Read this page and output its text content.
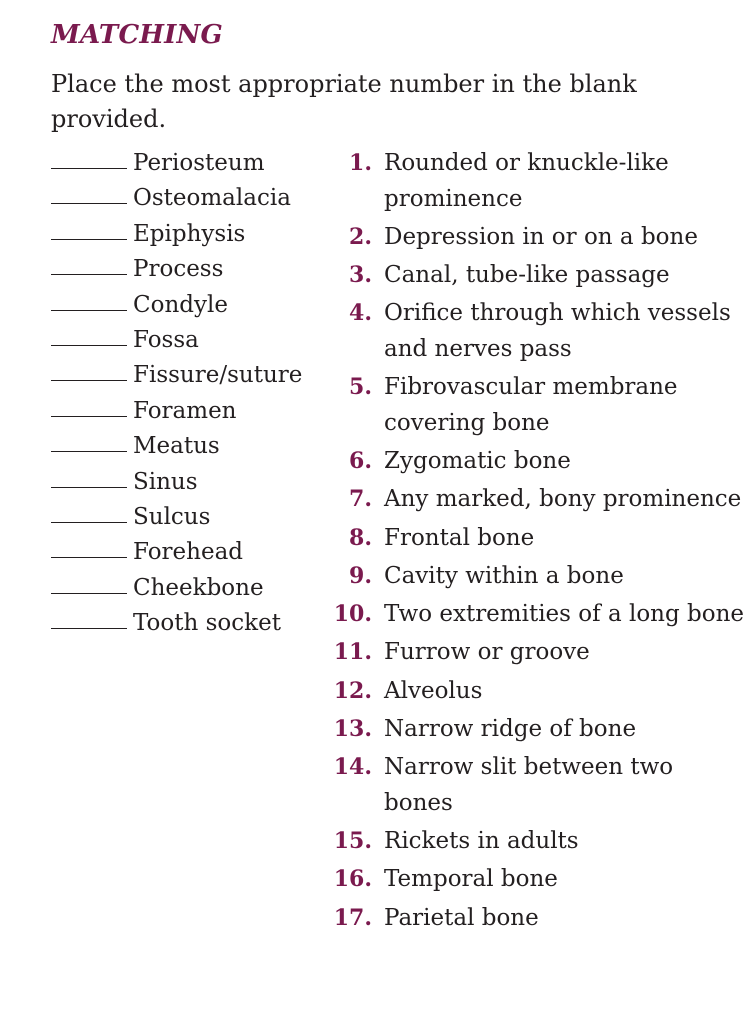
MATCHING

Place the most appropriate number in the blank provided.

Periosteum
Osteomalacia
Epiphysis
Process
Condyle
Fossa
Fissure/suture
Foramen
Meatus
Sinus
Sulcus
Forehead
Cheekbone
Tooth socket
1. Rounded or knuckle-like prominence
2. Depression in or on a bone
3. Canal, tube-like passage
4. Orifice through which vessels and nerves pass
5. Fibrovascular membrane covering bone
6. Zygomatic bone
7. Any marked, bony prominence
8. Frontal bone
9. Cavity within a bone
10. Two extremities of a long bone
11. Furrow or groove
12. Alveolus
13. Narrow ridge of bone
14. Narrow slit between two bones
15. Rickets in adults
16. Temporal bone
17. Parietal bone
